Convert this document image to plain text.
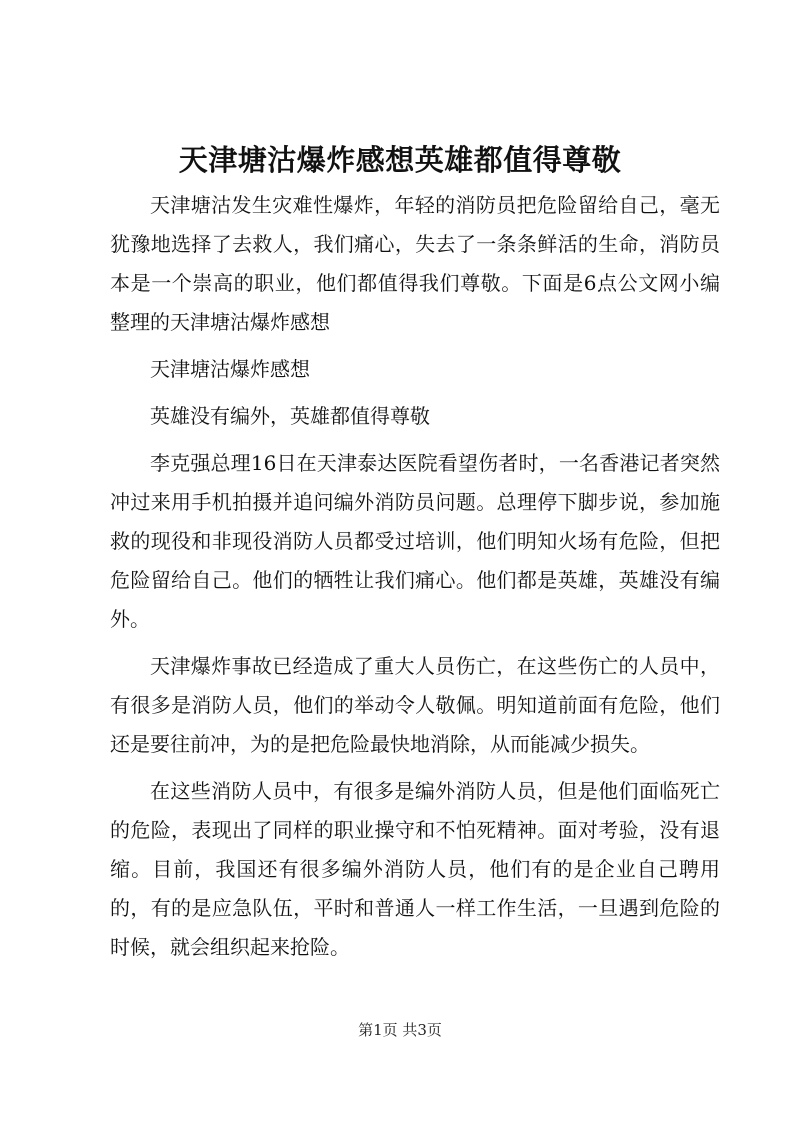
天津塘沽爆炸感想英雄都值得尊敬

天津塘沽发生灾难性爆炸，年轻的消防员把危险留给自己，毫无犹豫地选择了去救人，我们痛心，失去了一条条鲜活的生命，消防员本是一个崇高的职业，他们都值得我们尊敬。下面是6点公文网小编整理的天津塘沽爆炸感想

天津塘沽爆炸感想

英雄没有编外，英雄都值得尊敬

李克强总理16日在天津泰达医院看望伤者时，一名香港记者突然冲过来用手机拍摄并追问编外消防员问题。总理停下脚步说，参加施救的现役和非现役消防人员都受过培训，他们明知火场有危险，但把危险留给自己。他们的牺牲让我们痛心。他们都是英雄，英雄没有编外。

天津爆炸事故已经造成了重大人员伤亡，在这些伤亡的人员中，有很多是消防人员，他们的举动令人敬佩。明知道前面有危险，他们还是要往前冲，为的是把危险最快地消除，从而能减少损失。

在这些消防人员中，有很多是编外消防人员，但是他们面临死亡的危险，表现出了同样的职业操守和不怕死精神。面对考验，没有退缩。目前，我国还有很多编外消防人员，他们有的是企业自己聘用的，有的是应急队伍，平时和普通人一样工作生活，一旦遇到危险的时候，就会组织起来抢险。

第1页 共3页
